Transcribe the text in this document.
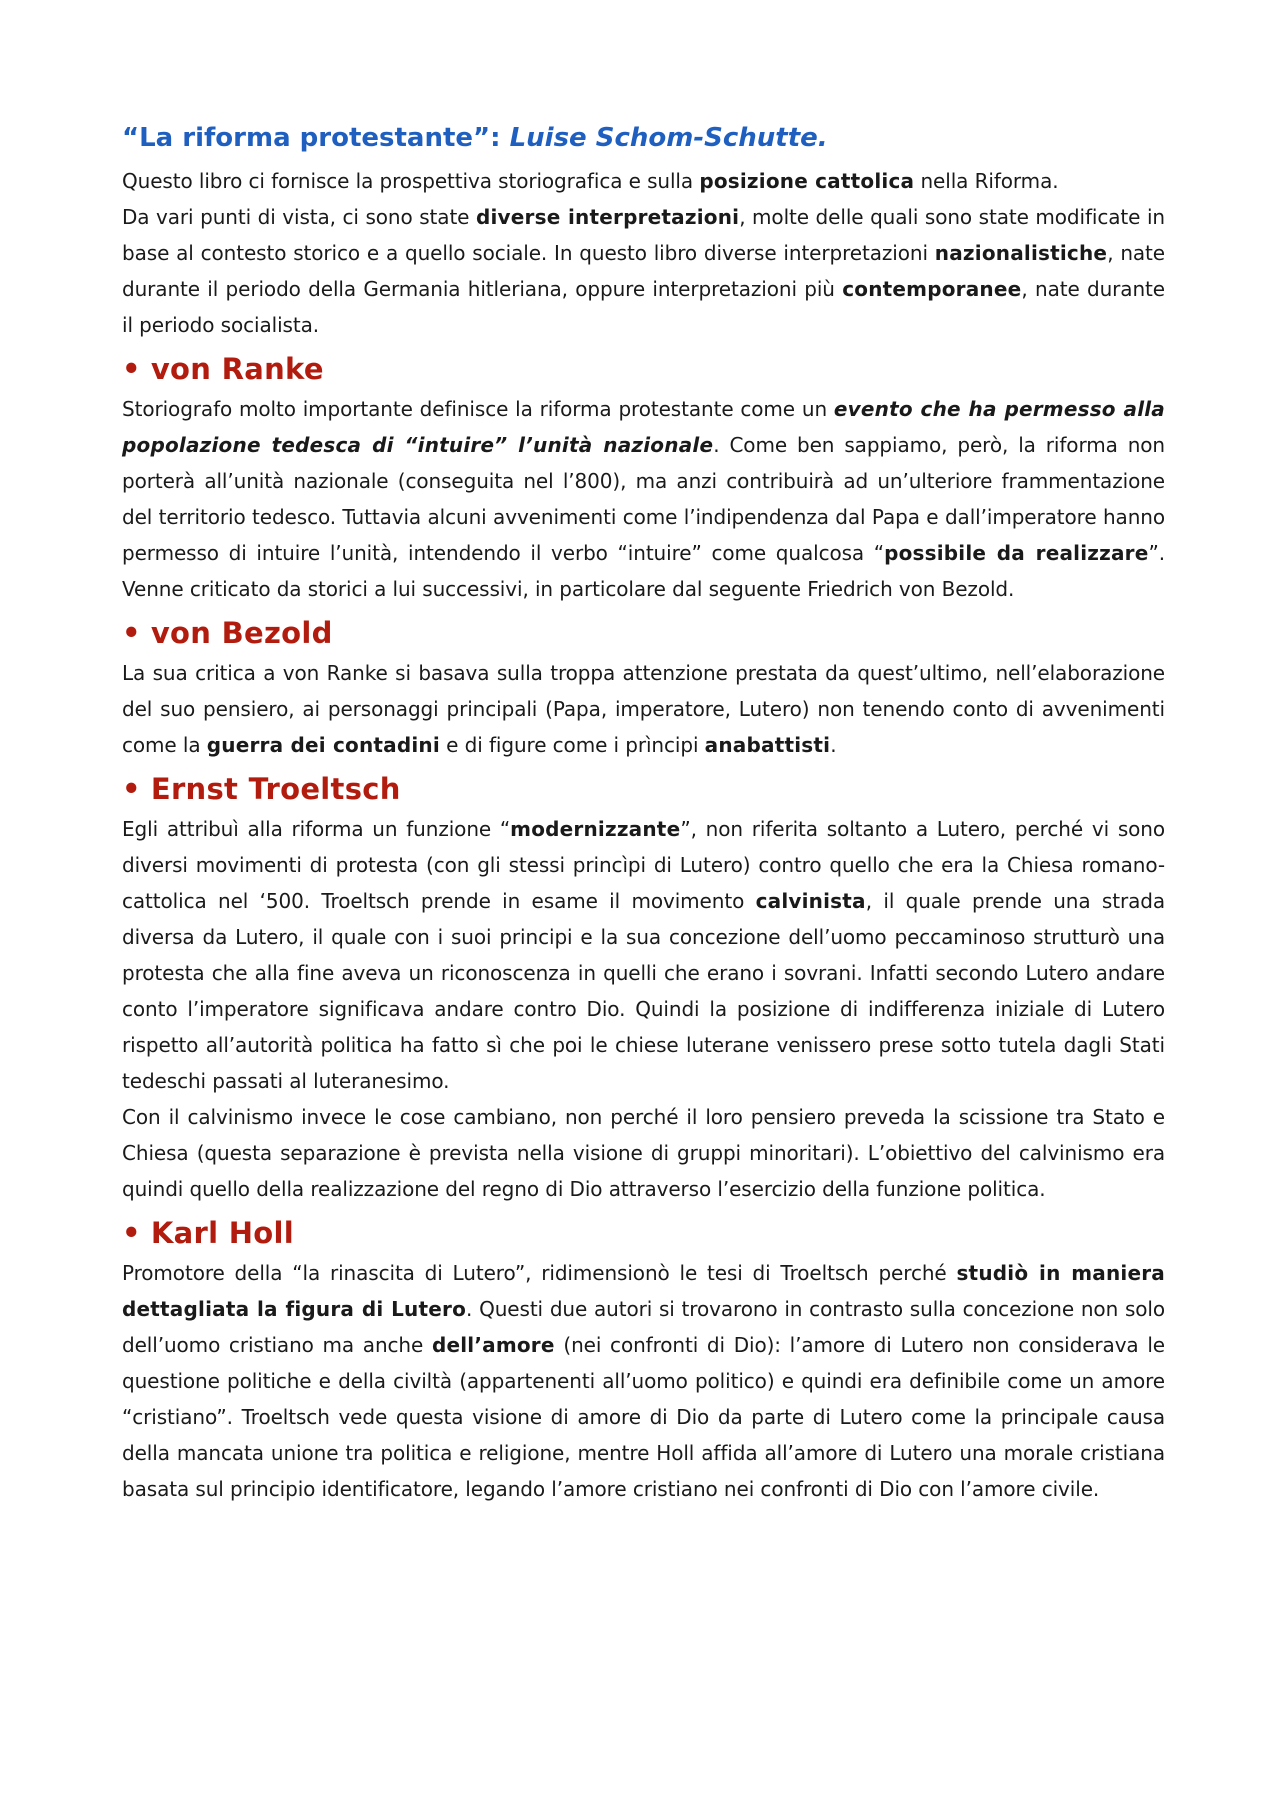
“La riforma protestante”: Luise Schom-Schutte.

Questo libro ci fornisce la prospettiva storiografica e sulla posizione cattolica nella Riforma.

Da vari punti di vista, ci sono state diverse interpretazioni, molte delle quali sono state modificate in base al contesto storico e a quello sociale. In questo libro diverse interpretazioni nazionalistiche, nate durante il periodo della Germania hitleriana, oppure interpretazioni più contemporanee, nate durante il periodo socialista.

• von Ranke

Storiografo molto importante definisce la riforma protestante come un evento che ha permesso alla popolazione tedesca di “intuire” l’unità nazionale. Come ben sappiamo, però, la riforma non porterà all’unità nazionale (conseguita nel l’800), ma anzi contribuirà ad un’ulteriore frammentazione del territorio tedesco. Tuttavia alcuni avvenimenti come l’indipendenza dal Papa e dall’imperatore hanno permesso di intuire l’unità, intendendo il verbo “intuire” come qualcosa “possibile da realizzare”. Venne criticato da storici a lui successivi, in particolare dal seguente Friedrich von Bezold.

• von Bezold

La sua critica a von Ranke si basava sulla troppa attenzione prestata da quest’ultimo, nell’elaborazione del suo pensiero, ai personaggi principali (Papa, imperatore, Lutero) non tenendo conto di avvenimenti come la guerra dei contadini e di figure come i prìncipi anabattisti.

• Ernst Troeltsch

Egli attribuì alla riforma un funzione “modernizzante”, non riferita soltanto a Lutero, perché vi sono diversi movimenti di protesta (con gli stessi princìpi di Lutero) contro quello che era la Chiesa romano-cattolica nel ‘500. Troeltsch prende in esame il movimento calvinista, il quale prende una strada diversa da Lutero, il quale con i suoi principi e la sua concezione dell’uomo peccaminoso strutturò una protesta che alla fine aveva un riconoscenza in quelli che erano i sovrani. Infatti secondo Lutero andare conto l’imperatore significava andare contro Dio. Quindi la posizione di indifferenza iniziale di Lutero rispetto all’autorità politica ha fatto sì che poi le chiese luterane venissero prese sotto tutela dagli Stati tedeschi passati al luteranesimo.

Con il calvinismo invece le cose cambiano, non perché il loro pensiero preveda la scissione tra Stato e Chiesa (questa separazione è prevista nella visione di gruppi minoritari). L’obiettivo del calvinismo era quindi quello della realizzazione del regno di Dio attraverso l’esercizio della funzione politica.

• Karl Holl

Promotore della “la rinascita di Lutero”, ridimensionò le tesi di Troeltsch perché studiò in maniera dettagliata la figura di Lutero. Questi due autori si trovarono in contrasto sulla concezione non solo dell’uomo cristiano ma anche dell’amore (nei confronti di Dio): l’amore di Lutero non considerava le questione politiche e della civiltà (appartenenti all’uomo politico) e quindi era definibile come un amore “cristiano”. Troeltsch vede questa visione di amore di Dio da parte di Lutero come la principale causa della mancata unione tra politica e religione, mentre Holl affida all’amore di Lutero una morale cristiana basata sul principio identificatore, legando l’amore cristiano nei confronti di Dio con l’amore civile.
